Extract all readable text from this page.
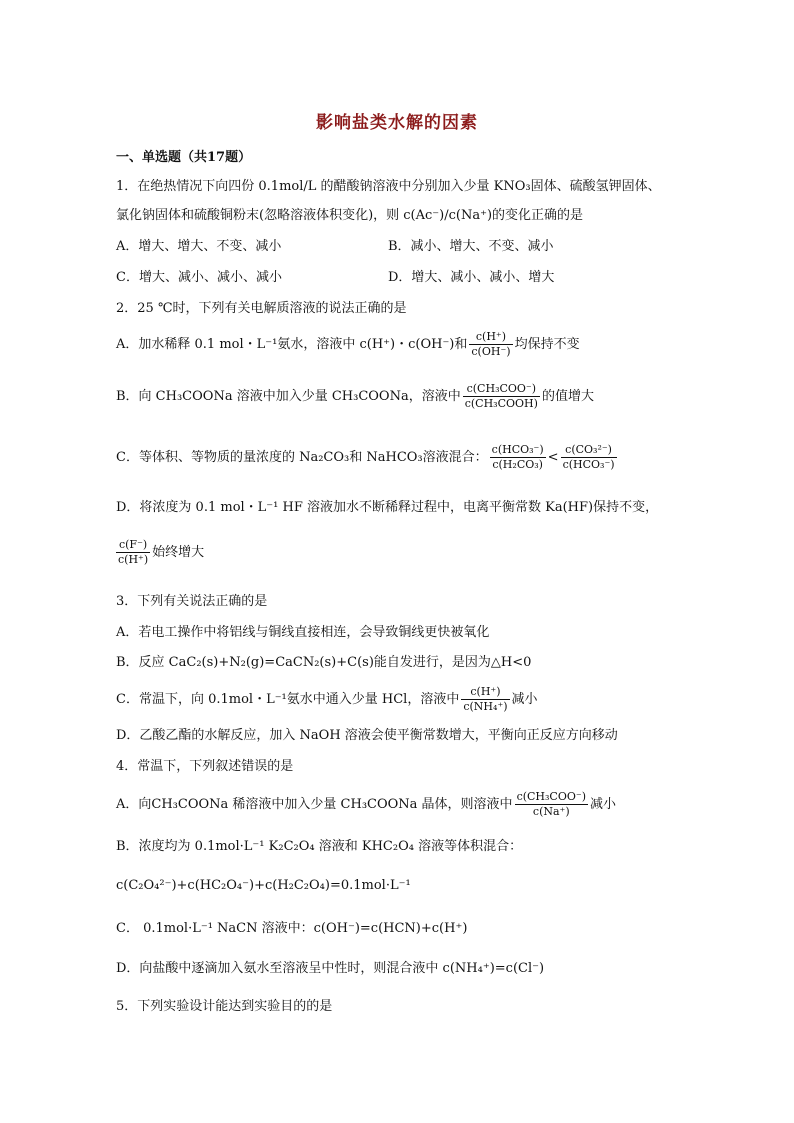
影响盐类水解的因素
一、单选题（共17题）
1．在绝热情况下向四份 0.1mol/L 的醋酸钠溶液中分别加入少量 KNO₃固体、硫酸氢钾固体、
氯化钠固体和硫酸铜粉末(忽略溶液体积变化)，则 c(Ac⁻)/c(Na⁺)的变化正确的是
A．增大、增大、不变、减小	B．减小、增大、不变、减小
C．增大、减小、减小、减小	D．增大、减小、减小、增大
2．25 ℃时，下列有关电解质溶液的说法正确的是
A．加水稀释 0.1 mol・L⁻¹氨水，溶液中 c(H⁺)・c(OH⁻)和 $\frac{c(H^+)}{c(OH^-)}$ 均保持不变
B．向 CH₃COONa 溶液中加入少量 CH₃COONa，溶液中 $\frac{\text{c(CH₃COO⁻)}}{\text{c(CH₃COOH)}}$ 的值增大
C．等体积、等物质的量浓度的 Na₂CO₃和 NaHCO₃溶液混合： $\frac{\text{c(HCO₃⁻)}}{\text{c(H₂CO₃)}} < \frac{\text{c(CO₃²⁻)}}{\text{c(HCO₃⁻)}}$
D．将浓度为 0.1 mol・L⁻¹ HF 溶液加水不断稀释过程中，电离平衡常数 Ka(HF)保持不变，
$\frac{c(F^-)}{c(H^+)}$ 始终增大
3．下列有关说法正确的是
A．若电工操作中将铝线与铜线直接相连，会导致铜线更快被氧化
B．反应 CaC₂(s)+N₂(g)=CaCN₂(s)+C(s)能自发进行，是因为△H<0
C．常温下，向 0.1mol・L⁻¹氨水中通入少量 HCl，溶液中 $\frac{c(H^+)}{\text{c(NH₄⁺)}}$ 减小
D．乙酸乙酯的水解反应，加入 NaOH 溶液会使平衡常数增大，平衡向正反应方向移动
4．常温下，下列叙述错误的是
A．向CH₃COONa 稀溶液中加入少量 CH₃COONa 晶体，则溶液中 $\frac{\text{c(CH₃COO⁻)}}{c(Na^+)}$ 减小
B．浓度均为 0.1mol·L⁻¹ K₂C₂O₄ 溶液和 KHC₂O₄ 溶液等体积混合：
c(C₂O₄²⁻)+c(HC₂O₄⁻)+c(H₂C₂O₄)=0.1mol·L⁻¹
C． 0.1mol·L⁻¹ NaCN 溶液中：c(OH⁻)=c(HCN)+c(H⁺)
D．向盐酸中逐滴加入氨水至溶液呈中性时，则混合液中 c(NH₄⁺)=c(Cl⁻)
5．下列实验设计能达到实验目的的是
